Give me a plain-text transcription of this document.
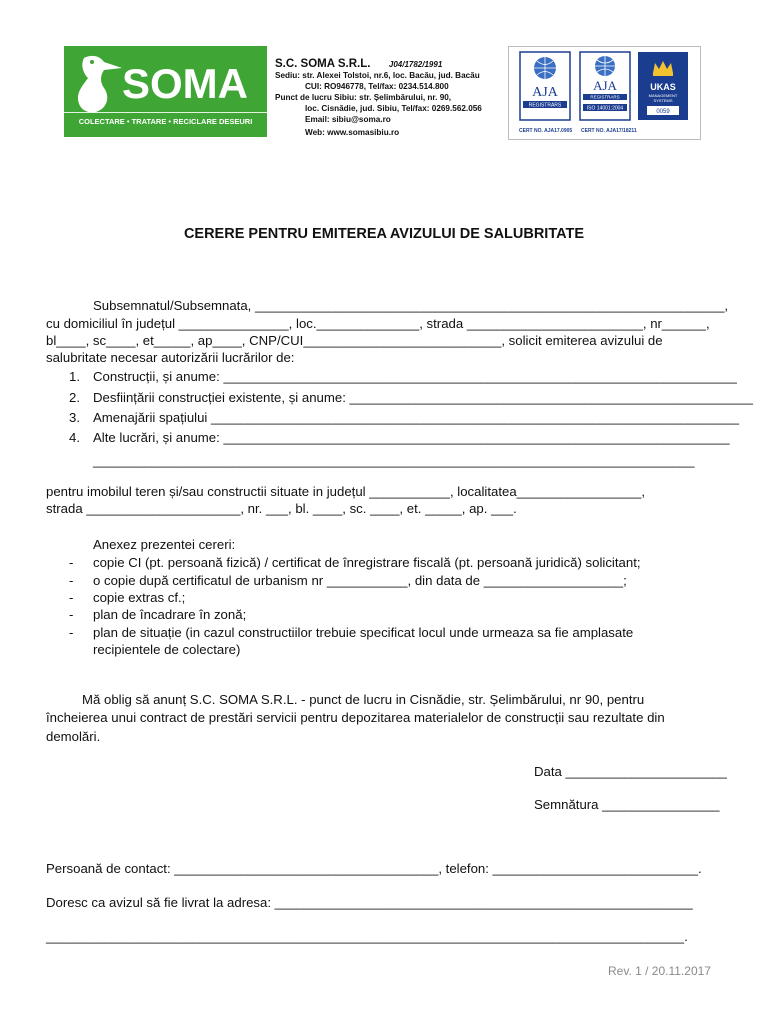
SOMA
COLECTARE • TRATARE • RECICLARE DESEURI
S.C. SOMA S.R.L. J04/1782/1991
Sediu: str. Alexei Tolstoi, nr.6, loc. Bacău, jud. Bacău
CUI: RO946778, Tel/fax: 0234.514.800
Punct de lucru Sibiu: str. Șelimbărului, nr. 90,
loc. Cisnădie, jud. Sibiu, Tel/fax: 0269.562.056
Email: sibiu@soma.ro
Web: www.somasibiu.ro
AJA
REGISTRARS
AJA
REGISTRARS
ISO 14001:2004
UKAS
MANAGEMENT
SYSTEMS
0059
CERT NO. AJA17.0905 CERT NO. AJA17/18211
CERERE PENTRU EMITEREA AVIZULUI DE SALUBRITATE
Subsemnatul/Subsemnata, ________________________________________________________________,
cu domiciliul în județul _______________, loc.______________, strada ________________________, nr______,
bl____, sc____, et_____, ap____, CNP/CUI___________________________, solicit emiterea avizului de
salubritate necesar autorizării lucrărilor de:
1. Construcții, și anume: ______________________________________________________________________
2. Desființării construcției existente, și anume: _______________________________________________________
3. Amenajării spațiului ________________________________________________________________________
4. Alte lucrări, și anume: _____________________________________________________________________
__________________________________________________________________________________
pentru imobilul teren și/sau constructii situate in județul ___________, localitatea_________________,
strada _____________________, nr. ___, bl. ____, sc. ____, et. _____, ap. ___.
Anexez prezentei cereri:
- copie CI (pt. persoană fizică) / certificat de înregistrare fiscală (pt. persoană juridică) solicitant;
- o copie după certificatul de urbanism nr ___________, din data de ___________________;
- copie extras cf.;
- plan de încadrare în zonă;
- plan de situație (in cazul constructiilor trebuie specificat locul unde urmeaza sa fie amplasate
recipientele de colectare)
Mă oblig să anunț S.C. SOMA S.R.L. - punct de lucru in Cisnădie, str. Șelimbărului, nr 90, pentru
încheierea unui contract de prestări servicii pentru depozitarea materialelor de construcții sau rezultate din
demolări.
Data ______________________
Semnătura ________________
Persoană de contact: ____________________________________, telefon: ____________________________.
Doresc ca avizul să fie livrat la adresa: _________________________________________________________
_______________________________________________________________________________________.
Rev. 1 / 20.11.2017
